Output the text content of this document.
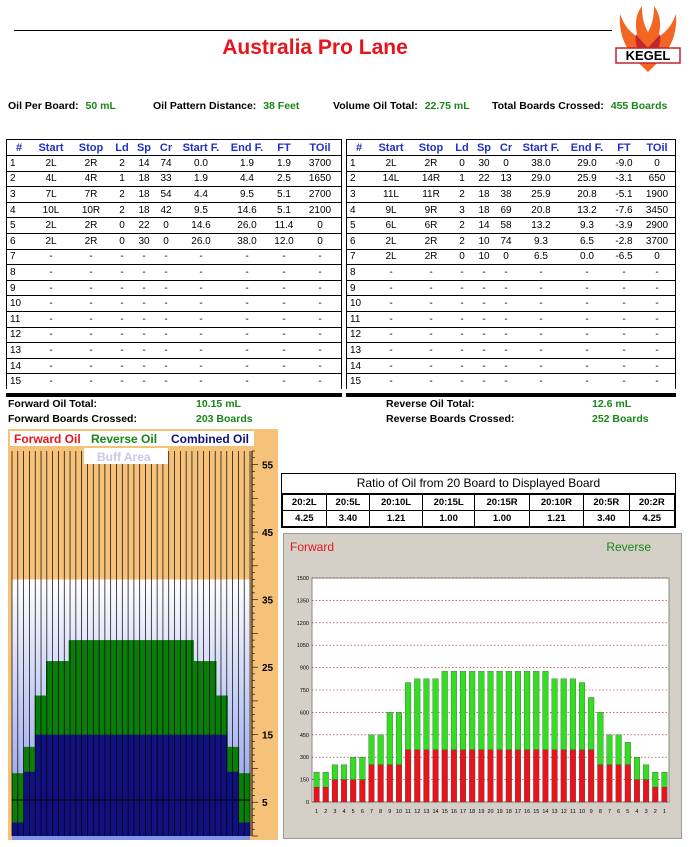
Australia Pro Lane	KEGEL
Oil Per Board: 50 mL	Oil Pattern Distance: 38 Feet	Volume Oil Total: 22.75 mL Total Boards Crossed: 455 Boards
#	Start	Stop	Ld	Sp	Cr	Start F.	End F.	FT	TOil
1	2L	2R	2	14	74	0.0	1.9	1.9	3700
2	4L	4R	1	18	33	1.9	4.4	2.5	1650
3	7L	7R	2	18	54	4.4	9.5	5.1	2700
4	10L	10R	2	18	42	9.5	14.6	5.1	2100
5	2L	2R	0	22	0	14.6	26.0	11.4	0
6	2L	2R	0	30	0	26.0	38.0	12.0	0
7	-	-	-	-	-	-	-	-	-
8	-	-	-	-	-	-	-	-	-
9	-	-	-	-	-	-	-	-	-
10	-	-	-	-	-	-	-	-	-
11	-	-	-	-	-	-	-	-	-
12	-	-	-	-	-	-	-	-	-
13	-	-	-	-	-	-	-	-	-
14	-	-	-	-	-	-	-	-	-
15	-	-	-	-	-	-	-	-	-
#	Start	Stop	Ld	Sp	Cr	Start F.	End F.	FT	TOil
1	2L	2R	0	30	0	38.0	29.0	-9.0	0
2	14L	14R	1	22	13	29.0	25.9	-3.1	650
3	11L	11R	2	18	38	25.9	20.8	-5.1	1900
4	9L	9R	3	18	69	20.8	13.2	-7.6	3450
5	6L	6R	2	14	58	13.2	9.3	-3.9	2900
6	2L	2R	2	10	74	9.3	6.5	-2.8	3700
7	2L	2R	0	10	0	6.5	0.0	-6.5	0
8	-	-	-	-	-	-	-	-	-
9	-	-	-	-	-	-	-	-	-
10	-	-	-	-	-	-	-	-	-
11	-	-	-	-	-	-	-	-	-
12	-	-	-	-	-	-	-	-	-
13	-	-	-	-	-	-	-	-	-
14	-	-	-	-	-	-	-	-	-
15	-	-	-	-	-	-	-	-	-
Forward Oil Total:	10.15 mL
Forward Boards Crossed:	203 Boards
Reverse Oil Total:	12.6 mL
Reverse Boards Crossed:	252 Boards
55
45
35
25
15
5
Forward Oil Reverse Oil Combined Oil
Buff Area
Ratio of Oil from 20 Board to Displayed Board
20:2L	20:5L	20:10L	20:15L	20:15R	20:10R	20:5R	20:2R
4.25	3.40	1.21	1.00	1.00	1.21	3.40	4.25
Forward	Reverse
0
150
300
450
600
750
900
1050
1200
1350
1500
1 2 3 4 5 6 7 8 9 10 11 12 13 14 15 16 17 18 19 20 19 18 17 16 15 14 13 12 11 10 9 8 7 6 5 4 3 2 1
